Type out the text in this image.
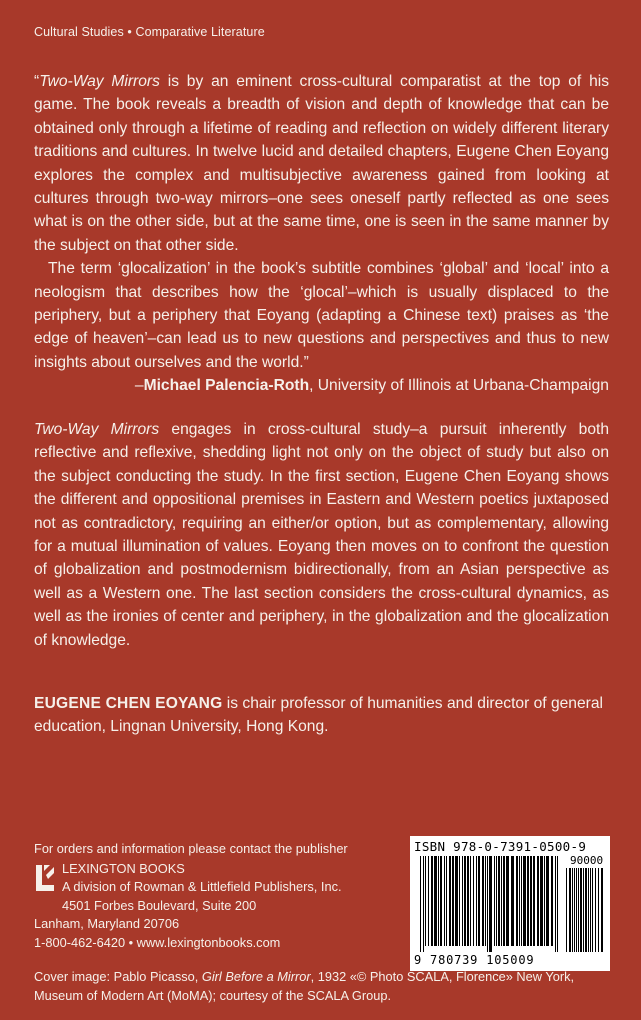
Cultural Studies • Comparative Literature

“Two-Way Mirrors is by an eminent cross-cultural comparatist at the top of his game. The book reveals a breadth of vision and depth of knowledge that can be obtained only through a lifetime of reading and reflection on widely different literary traditions and cultures. In twelve lucid and detailed chapters, Eugene Chen Eoyang explores the complex and multisubjective awareness gained from looking at cultures through two-way mirrors–one sees oneself partly reflected as one sees what is on the other side, but at the same time, one is seen in the same manner by the subject on that other side.

The term ‘glocalization’ in the book’s subtitle combines ‘global’ and ‘local’ into a neologism that describes how the ‘glocal’–which is usually displaced to the periphery, but a periphery that Eoyang (adapting a Chinese text) praises as ‘the edge of heaven’–can lead us to new questions and perspectives and thus to new insights about ourselves and the world.”

–Michael Palencia-Roth, University of Illinois at Urbana-Champaign

Two-Way Mirrors engages in cross-cultural study–a pursuit inherently both reflective and reflexive, shedding light not only on the object of study but also on the subject conducting the study. In the first section, Eugene Chen Eoyang shows the different and oppositional premises in Eastern and Western poetics juxtaposed not as contradictory, requiring an either/or option, but as complementary, allowing for a mutual illumination of values. Eoyang then moves on to confront the question of globalization and postmodernism bidirectionally, from an Asian perspective as well as a Western one. The last section considers the cross-cultural dynamics, as well as the ironies of center and periphery, in the globalization and the glocalization of knowledge.

EUGENE CHEN EOYANG is chair professor of humanities and director of general education, Lingnan University, Hong Kong.

For orders and information please contact the publisher
LEXINGTON BOOKS
A division of Rowman & Littlefield Publishers, Inc.
4501 Forbes Boulevard, Suite 200
Lanham, Maryland 20706
1-800-462-6420 • www.lexingtonbooks.com
ISBN 978-0-7391-0500-9
90000
9 780739 105009
Cover image: Pablo Picasso, Girl Before a Mirror, 1932 «© Photo SCALA, Florence» New York, Museum of Modern Art (MoMA); courtesy of the SCALA Group.
